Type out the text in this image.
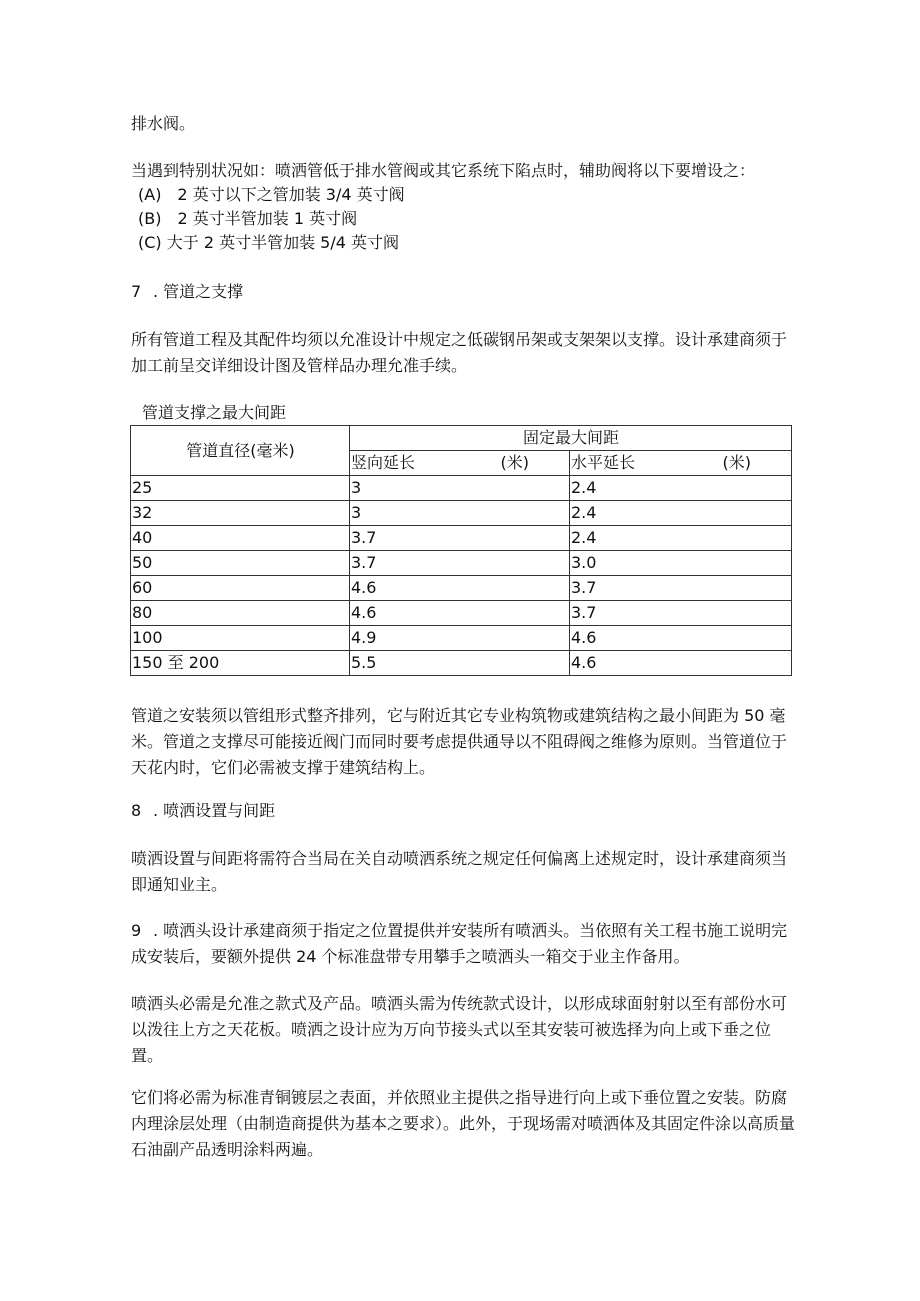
排水阀。
当遇到特别状况如：喷洒管低于排水管阀或其它系统下陷点时，辅助阀将以下要增设之：
(A)　2 英寸以下之管加装 3/4 英寸阀
(B)　2 英寸半管加装 1 英寸阀
(C) 大于 2 英寸半管加装 5/4 英寸阀
7 . 管道之支撑
所有管道工程及其配件均须以允准设计中规定之低碳钢吊架或支架架以支撑。设计承建商须于加工前呈交详细设计图及管样品办理允准手续。
管道支撑之最大间距
管道直径(毫米)	固定最大间距	

	竖向延长 (米)	水平延长 (米)

25	3	2.4
32	3	2.4
40	3.7	2.4
50	3.7	3.0
60	4.6	3.7
80	4.6	3.7
100	4.9	4.6
150 至 200	5.5	4.6
管道之安装须以管组形式整齐排列，它与附近其它专业构筑物或建筑结构之最小间距为 50 毫米。管道之支撑尽可能接近阀门而同时要考虑提供通导以不阻碍阀之维修为原则。当管道位于天花内时，它们必需被支撑于建筑结构上。
8 . 喷洒设置与间距
喷洒设置与间距将需符合当局在关自动喷洒系统之规定任何偏离上述规定时，设计承建商须当即通知业主。
9 . 喷洒头设计承建商须于指定之位置提供并安装所有喷洒头。当依照有关工程书施工说明完成安装后，要额外提供 24 个标准盘带专用攀手之喷洒头一箱交于业主作备用。
喷洒头必需是允准之款式及产品。喷洒头需为传统款式设计，以形成球面射射以至有部份水可以泼往上方之天花板。喷洒之设计应为万向节接头式以至其安装可被选择为向上或下垂之位置。
它们将必需为标准青铜镀层之表面，并依照业主提供之指导进行向上或下垂位置之安装。防腐内理涂层处理（由制造商提供为基本之要求）。此外，于现场需对喷洒体及其固定件涂以高质量石油副产品透明涂料两遍。
